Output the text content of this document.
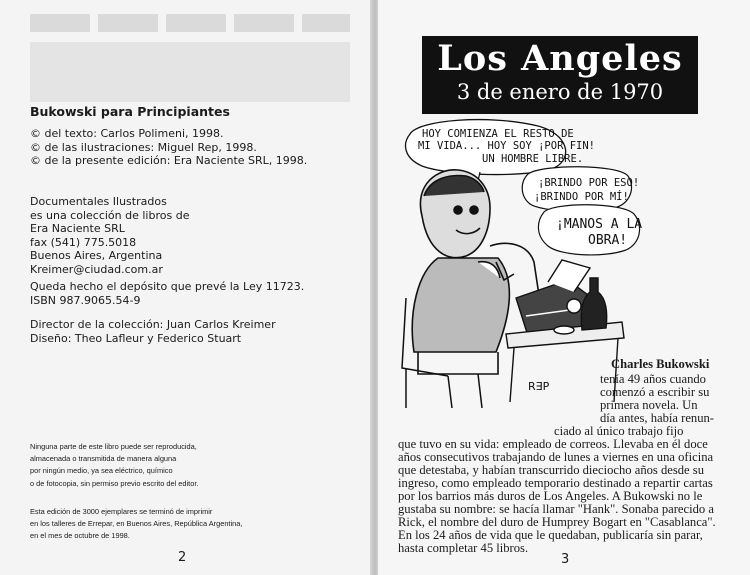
Bukowski para Principiantes
© del texto: Carlos Polimeni, 1998.
© de las ilustraciones: Miguel Rep, 1998.
© de la presente edición: Era Naciente SRL, 1998.
Documentales Ilustrados
es una colección de libros de
Era Naciente SRL
fax (541) 775.5018
Buenos Aires, Argentina
Kreimer@ciudad.com.ar
Queda hecho el depósito que prevé la Ley 11723.
ISBN 987.9065.54-9
Director de la colección: Juan Carlos Kreimer
Diseño: Theo Lafleur y Federico Stuart
Ninguna parte de este libro puede ser reproducida,
almacenada o transmitida de manera alguna
por ningún medio, ya sea eléctrico, químico
o de fotocopia, sin permiso previo escrito del editor.
Esta edición de 3000 ejemplares se terminó de imprimir
en los talleres de Errepar, en Buenos Aires, República Argentina,
en el mes de octubre de 1998.
2
Los Angeles
3 de enero de 1970
HOY COMIENZA EL RESTO DE
MI VIDA... HOY SOY ¡POR FIN!
UN HOMBRE LIBRE.
¡BRINDO POR ESO!
¡BRINDO POR MÍ!
¡MANOS A LA
OBRA!
R∃P
Charles Bukowski
tenía 49 años cuando
comenzó a escribir su
primera novela. Un
día antes, había renun-
ciado al único trabajo fijo
que tuvo en su vida: empleado de correos. Llevaba en él doce
años consecutivos trabajando de lunes a viernes en una oficina
que detestaba, y habían transcurrido dieciocho años desde su
ingreso, como empleado temporario destinado a repartir cartas
por los barrios más duros de Los Angeles. A Bukowski no le
gustaba su nombre: se hacía llamar "Hank". Sonaba parecido a
Rick, el nombre del duro de Humprey Bogart en "Casablanca".
En los 24 años de vida que le quedaban, publicaría sin parar,
hasta completar 45 libros.
3
